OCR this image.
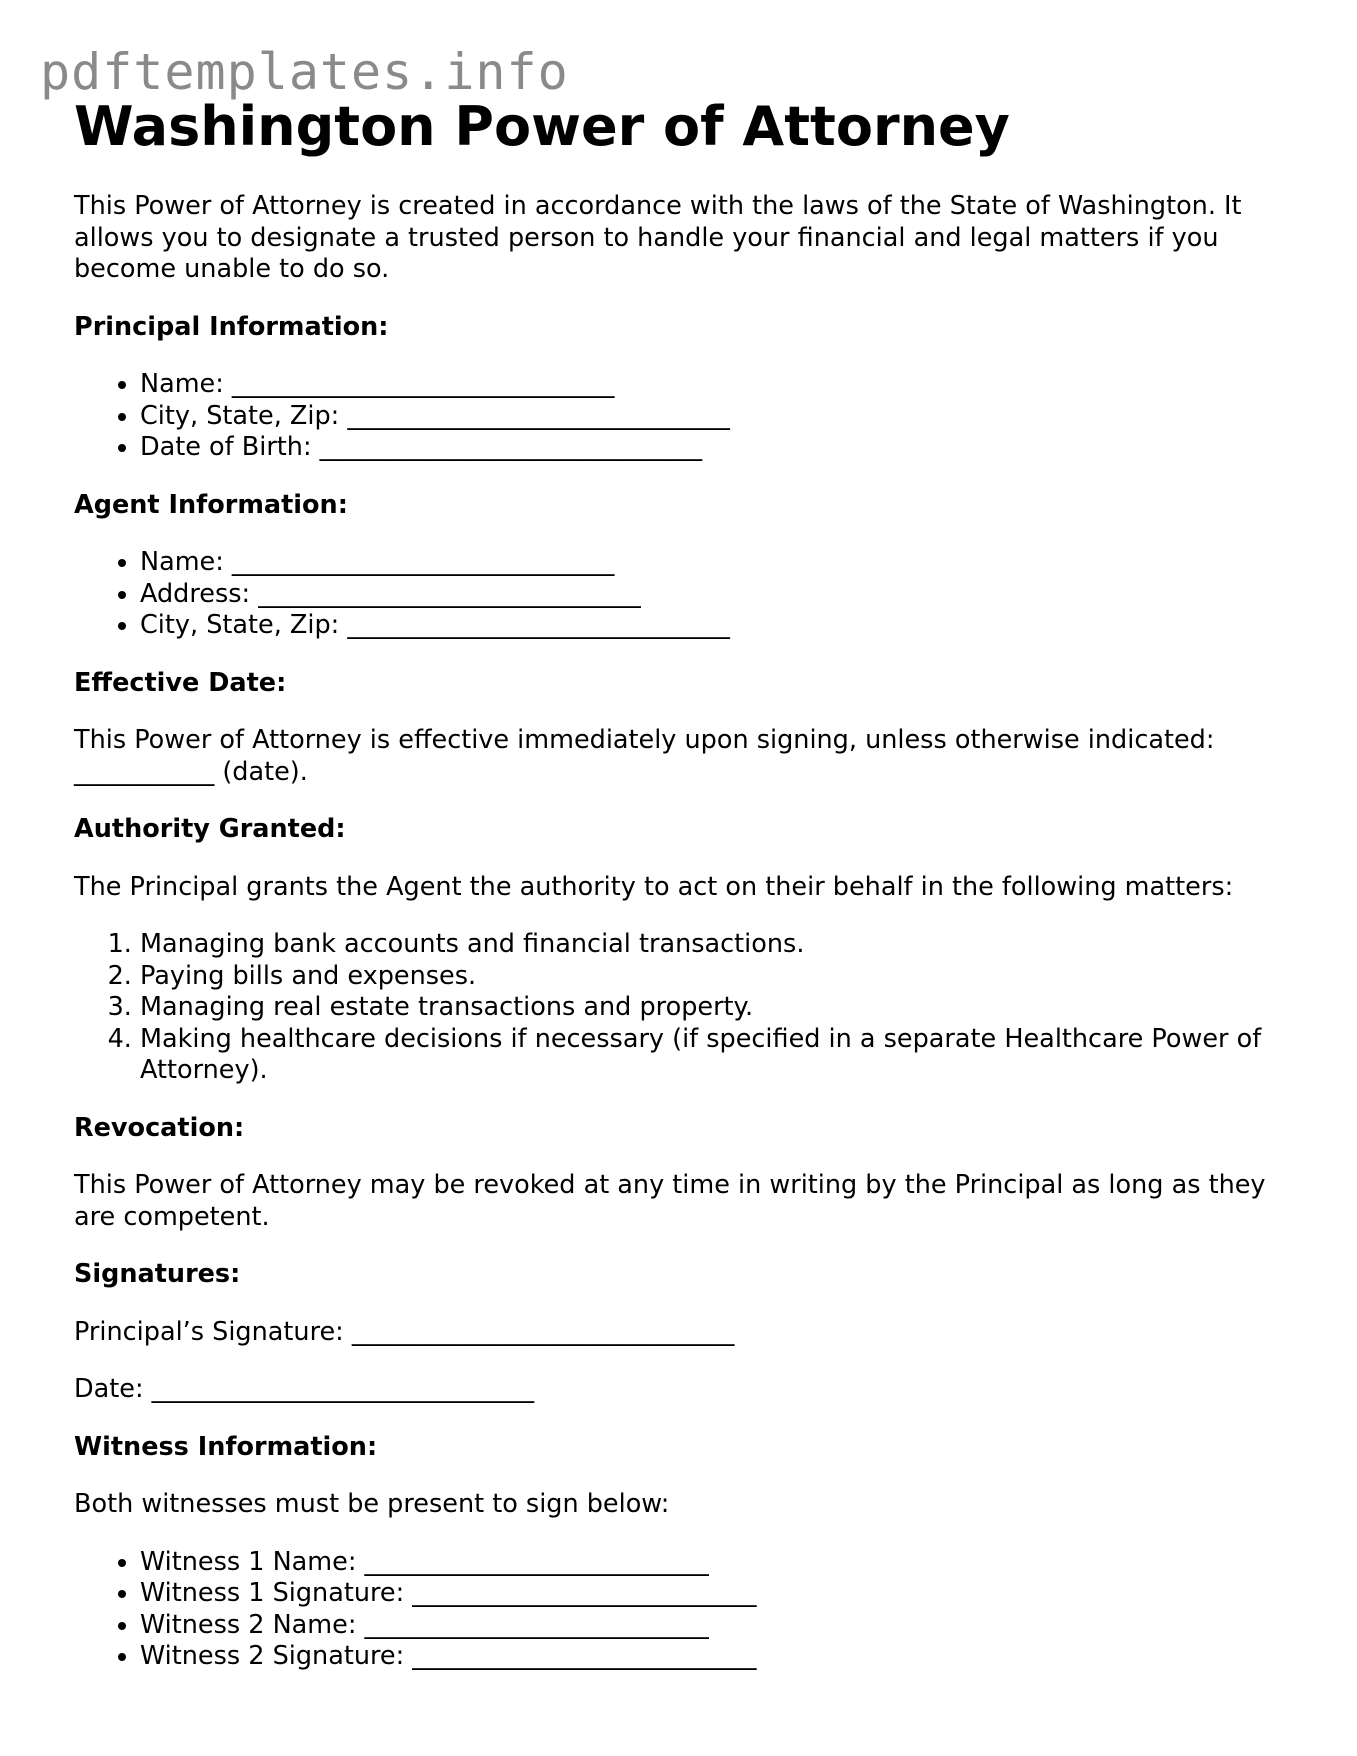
pdftemplates.info
Washington Power of Attorney

This Power of Attorney is created in accordance with the laws of the State of Washington. It allows you to designate a trusted person to handle your financial and legal matters if you become unable to do so.

Principal Information:
• Name: ______________________________
• City, State, Zip: ______________________________
• Date of Birth: ______________________________
Agent Information:
• Name: ______________________________
• Address: ______________________________
• City, State, Zip: ______________________________
Effective Date:

This Power of Attorney is effective immediately upon signing, unless otherwise indicated: ___________ (date).

Authority Granted:

The Principal grants the Agent the authority to act on their behalf in the following matters:

1. Managing bank accounts and financial transactions.
2. Paying bills and expenses.
3. Managing real estate transactions and property.
4. Making healthcare decisions if necessary (if specified in a separate Healthcare Power of Attorney).
Revocation:

This Power of Attorney may be revoked at any time in writing by the Principal as long as they are competent.

Signatures:

Principal’s Signature: ______________________________

Date: ______________________________

Witness Information:

Both witnesses must be present to sign below:

• Witness 1 Name: ___________________________
• Witness 1 Signature: ___________________________
• Witness 2 Name: ___________________________
• Witness 2 Signature: ___________________________
